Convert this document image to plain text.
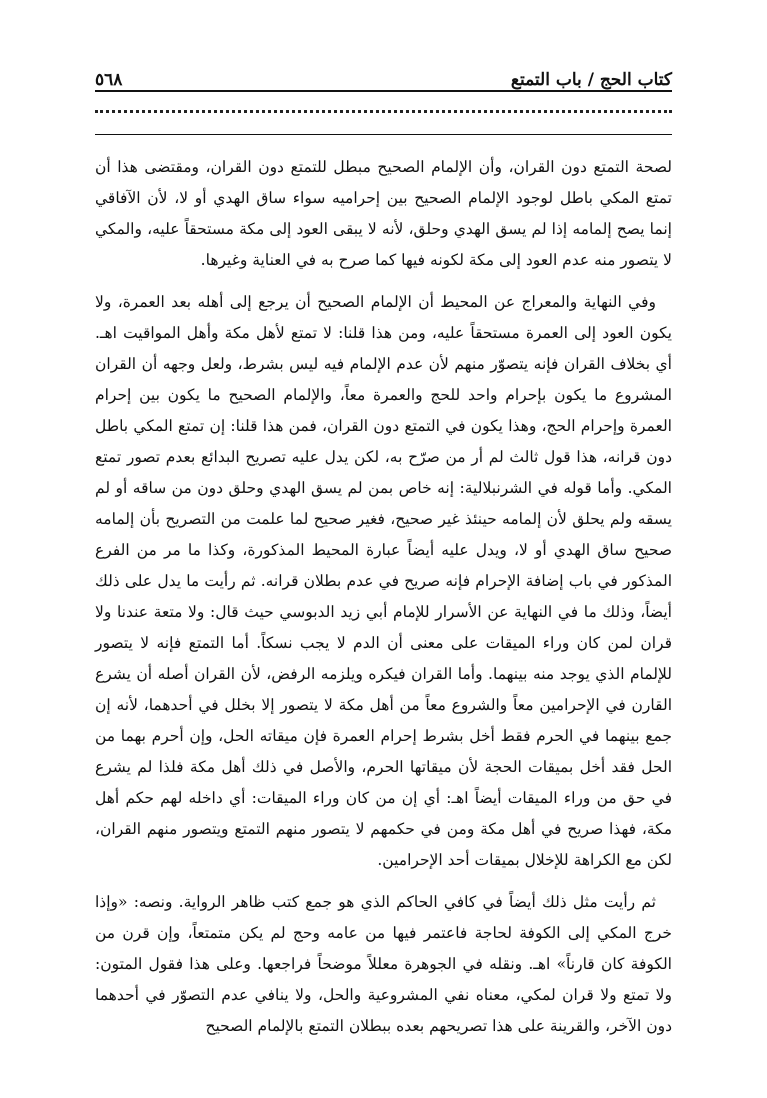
كتاب الحج / باب التمتع
٥٦٨

لصحة التمتع دون القران، وأن الإلمام الصحيح مبطل للتمتع دون القران، ومقتضى هذا أن تمتع المكي باطل لوجود الإلمام الصحيح بين إحراميه سواء ساق الهدي أو لا، لأن الآفاقي إنما يصح إلمامه إذا لم يسق الهدي وحلق، لأنه لا يبقى العود إلى مكة مستحقاً عليه، والمكي لا يتصور منه عدم العود إلى مكة لكونه فيها كما صرح به في العناية وغيرها.

وفي النهاية والمعراج عن المحيط أن الإلمام الصحيح أن يرجع إلى أهله بعد العمرة، ولا يكون العود إلى العمرة مستحقاً عليه، ومن هذا قلنا: لا تمتع لأهل مكة وأهل المواقيت اهـ. أي بخلاف القران فإنه يتصوّر منهم لأن عدم الإلمام فيه ليس بشرط، ولعل وجهه أن القران المشروع ما يكون بإحرام واحد للحج والعمرة معاً، والإلمام الصحيح ما يكون بين إحرام العمرة وإحرام الحج، وهذا يكون في التمتع دون القران، فمن هذا قلنا: إن تمتع المكي باطل دون قرانه، هذا قول ثالث لم أر من صرّح به، لكن يدل عليه تصريح البدائع بعدم تصور تمتع المكي. وأما قوله في الشرنبلالية: إنه خاص بمن لم يسق الهدي وحلق دون من ساقه أو لم يسقه ولم يحلق لأن إلمامه حينئذ غير صحيح، فغير صحيح لما علمت من التصريح بأن إلمامه صحيح ساق الهدي أو لا، ويدل عليه أيضاً عبارة المحيط المذكورة، وكذا ما مر من الفرع المذكور في باب إضافة الإحرام فإنه صريح في عدم بطلان قرانه. ثم رأيت ما يدل على ذلك أيضاً، وذلك ما في النهاية عن الأسرار للإمام أبي زيد الدبوسي حيث قال: ولا متعة عندنا ولا قران لمن كان وراء الميقات على معنى أن الدم لا يجب نسكاً. أما التمتع فإنه لا يتصور للإلمام الذي يوجد منه بينهما. وأما القران فيكره ويلزمه الرفض، لأن القران أصله أن يشرع القارن في الإحرامين معاً والشروع معاً من أهل مكة لا يتصور إلا بخلل في أحدهما، لأنه إن جمع بينهما في الحرم فقط أخل بشرط إحرام العمرة فإن ميقاته الحل، وإن أحرم بهما من الحل فقد أخل بميقات الحجة لأن ميقاتها الحرم، والأصل في ذلك أهل مكة فلذا لم يشرع في حق من وراء الميقات أيضاً اهـ: أي إن من كان وراء الميقات: أي داخله لهم حكم أهل مكة، فهذا صريح في أهل مكة ومن في حكمهم لا يتصور منهم التمتع ويتصور منهم القران، لكن مع الكراهة للإخلال بميقات أحد الإحرامين.

ثم رأيت مثل ذلك أيضاً في كافي الحاكم الذي هو جمع كتب ظاهر الرواية. ونصه: «وإذا خرج المكي إلى الكوفة لحاجة فاعتمر فيها من عامه وحج لم يكن متمتعاً، وإن قرن من الكوفة كان قارناً» اهـ. ونقله في الجوهرة معللاً موضحاً فراجعها. وعلى هذا فقول المتون: ولا تمتع ولا قران لمكي، معناه نفي المشروعية والحل، ولا ينافي عدم التصوّر في أحدهما دون الآخر، والقرينة على هذا تصريحهم بعده ببطلان التمتع بالإلمام الصحيح
